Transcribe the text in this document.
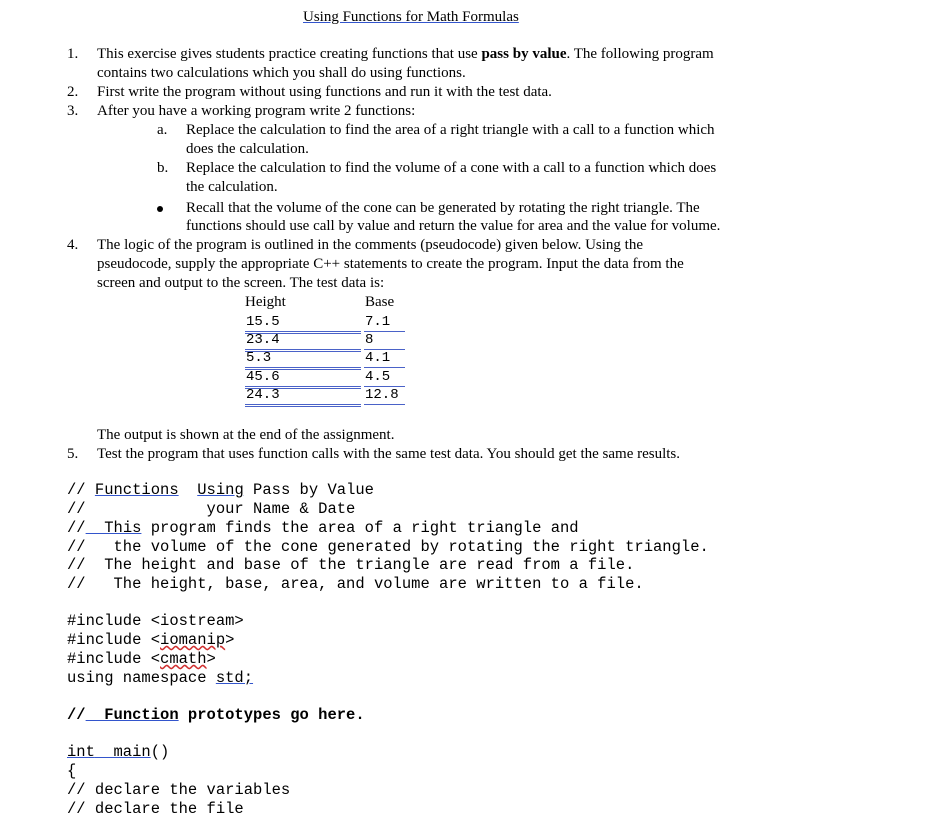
Using Functions for Math Formulas
1. This exercise gives students practice creating functions that use pass by value. The following program
contains two calculations which you shall do using functions.
2. First write the program without using functions and run it with the test data.
3. After you have a working program write 2 functions:
a. Replace the calculation to find the area of a right triangle with a call to a function which
does the calculation.
b. Replace the calculation to find the volume of a cone with a call to a function which does
the calculation.
Recall that the volume of the cone can be generated by rotating the right triangle. The
functions should use call by value and return the value for area and the value for volume.
4. The logic of the program is outlined in the comments (pseudocode) given below. Using the
pseudocode, supply the appropriate C++ statements to create the program. Input the data from the
screen and output to the screen. The test data is:
Height	Base
15.5	7.1
23.4	8
5.3	4.1
45.6	4.5
24.3	12.8
The output is shown at the end of the assignment.
5. Test the program that uses function calls with the same test data. You should get the same results.
// Functions Using Pass by Value
//             your Name & Date
//  This program finds the area of a right triangle and
//   the volume of the cone generated by rotating the right triangle.
//  The height and base of the triangle are read from a file.
//   The height, base, area, and volume are written to a file.
#include <iostream>
#include <iomanip>
#include <cmath>
using namespace std;
//  Function prototypes go here.
int  main()
{
// declare the variables
// declare the file
